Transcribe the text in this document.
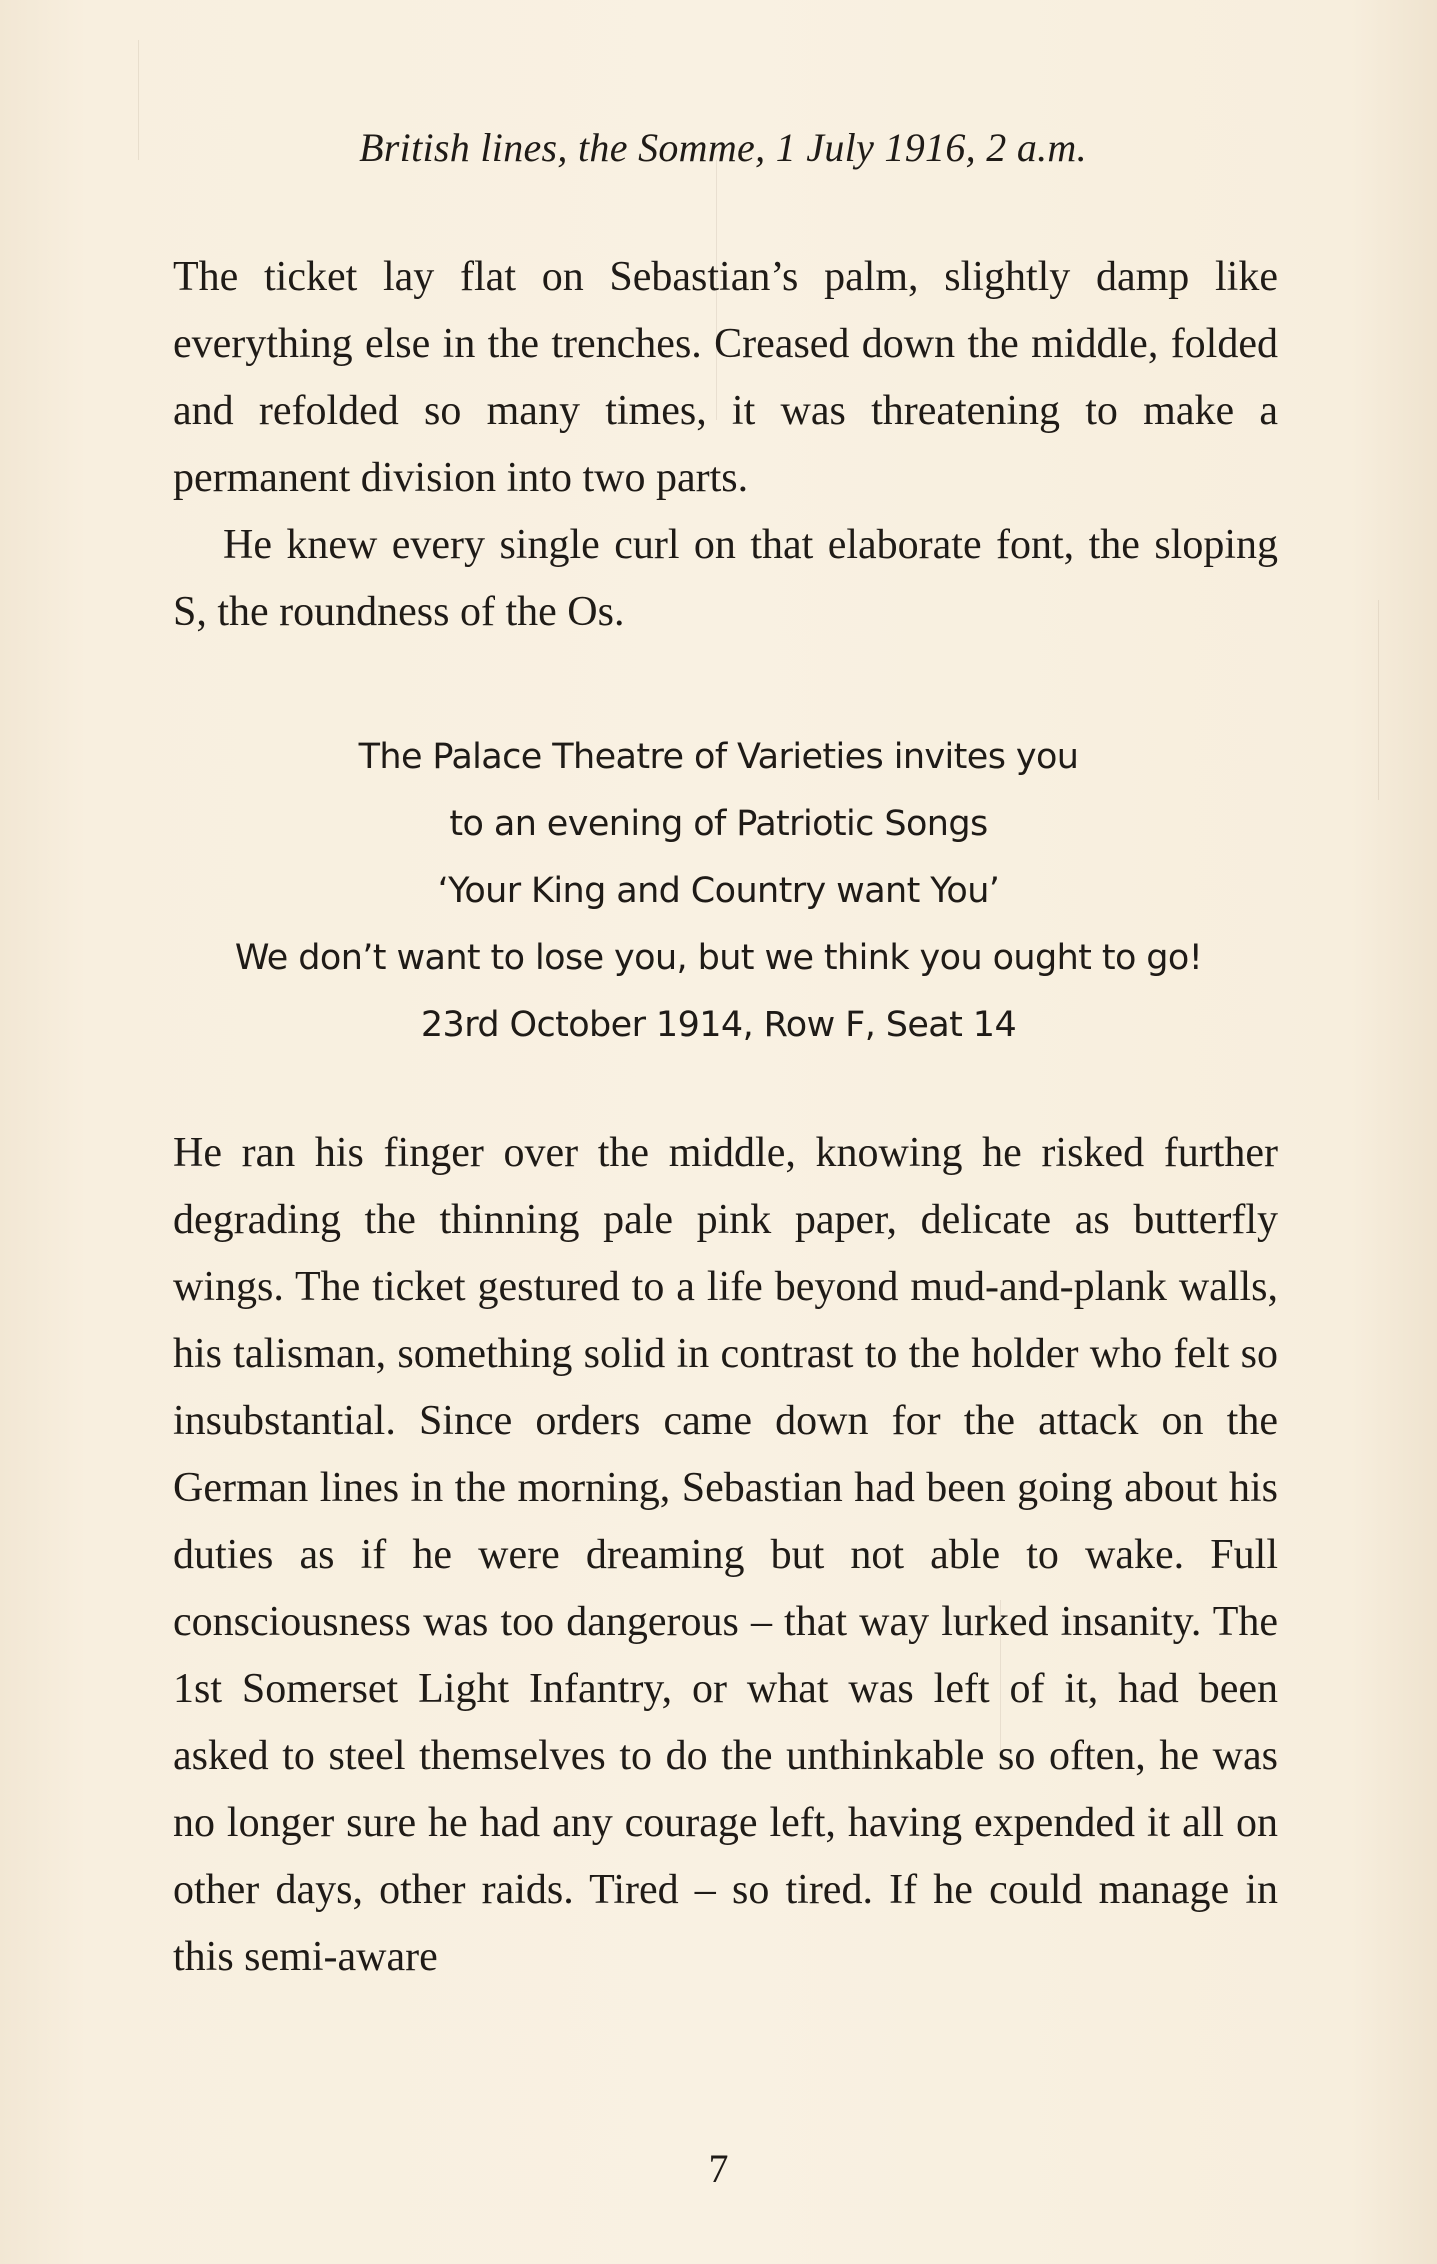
British lines, the Somme, 1 July 1916, 2 a.m.

The ticket lay flat on Sebastian’s palm, slightly damp like everything else in the trenches. Creased down the middle, folded and refolded so many times, it was threatening to make a permanent division into two parts.

He knew every single curl on that elaborate font, the sloping S, the roundness of the Os.

The Palace Theatre of Varieties invites you
to an evening of Patriotic Songs
‘Your King and Country want You’
We don’t want to lose you, but we think you ought to go!
23rd October 1914, Row F, Seat 14

He ran his finger over the middle, knowing he risked further degrading the thinning pale pink paper, delicate as butterfly wings. The ticket gestured to a life beyond mud-and-plank walls, his talisman, something solid in contrast to the holder who felt so insubstantial. Since orders came down for the attack on the German lines in the morning, Sebastian had been going about his duties as if he were dreaming but not able to wake. Full consciousness was too dangerous – that way lurked insanity. The 1st Somerset Light Infantry, or what was left of it, had been asked to steel themselves to do the unthinkable so often, he was no longer sure he had any courage left, having expended it all on other days, other raids. Tired – so tired. If he could manage in this semi-aware

7
